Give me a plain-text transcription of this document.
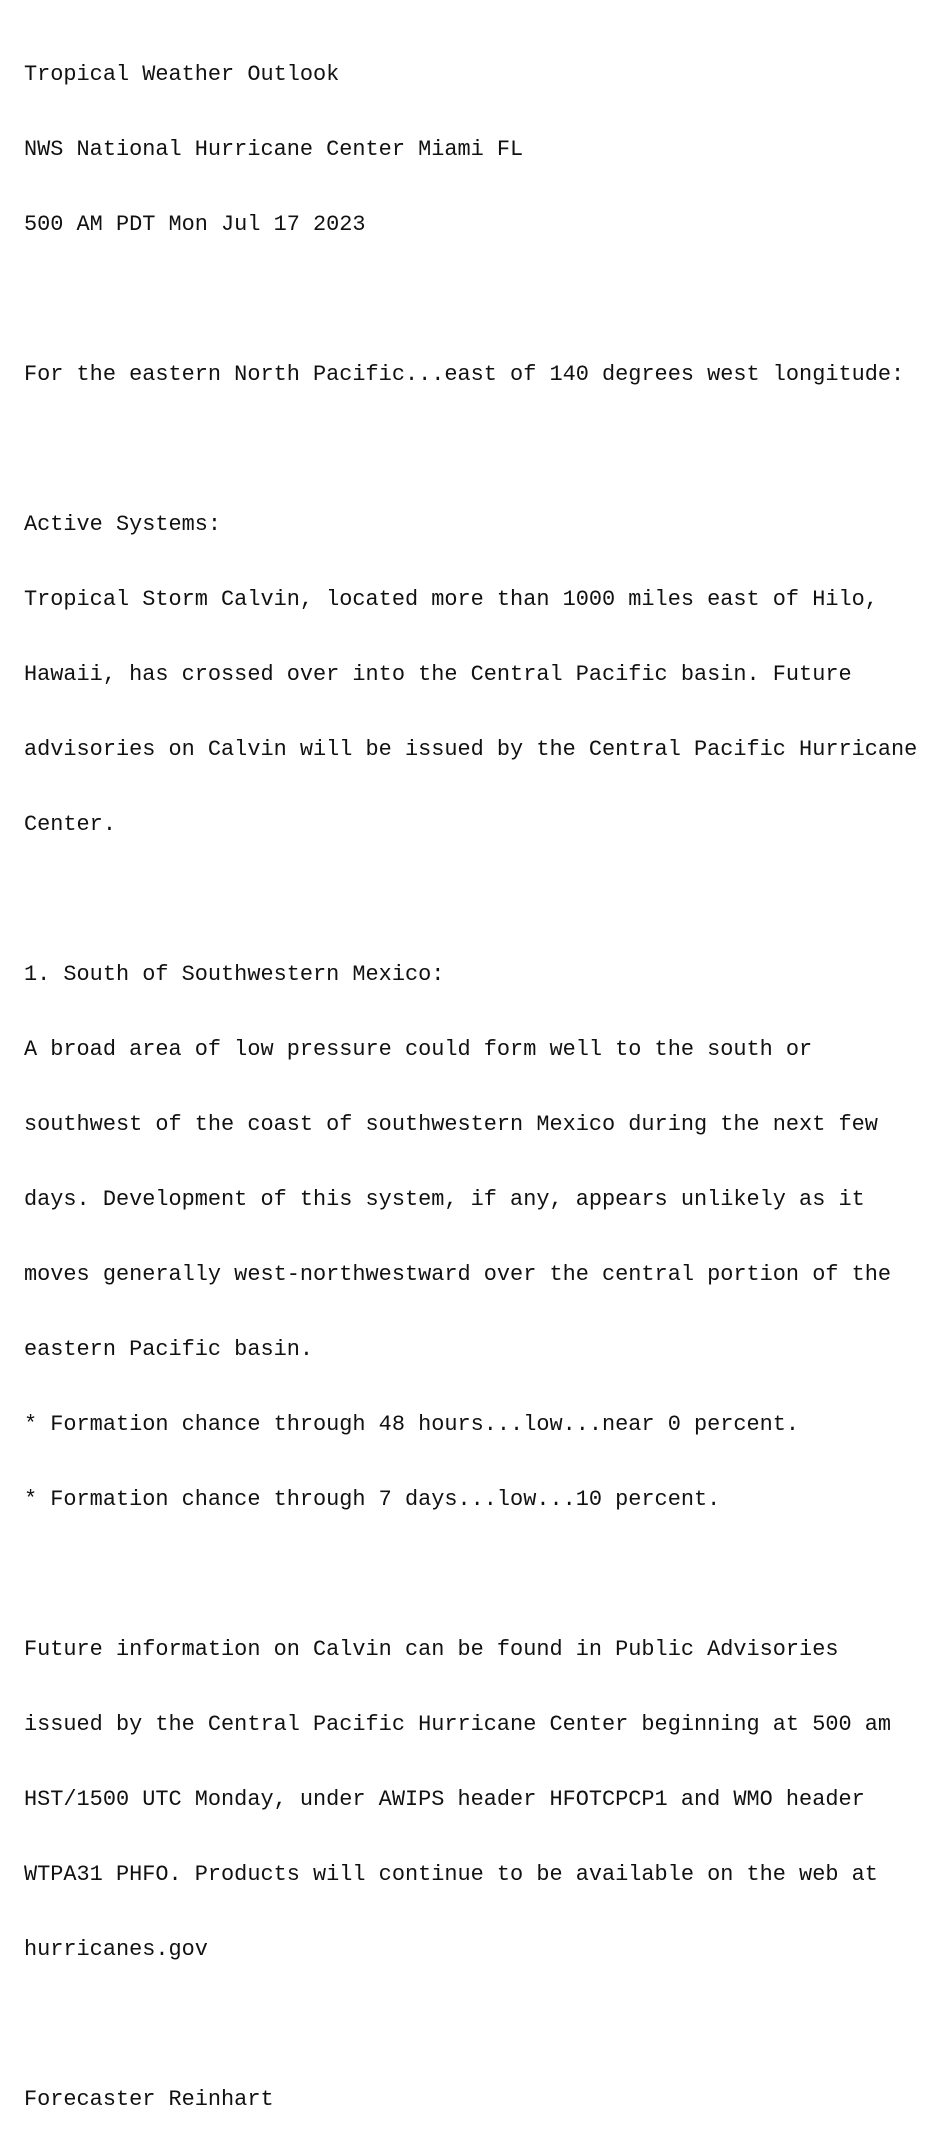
Tropical Weather Outlook

NWS National Hurricane Center Miami FL

500 AM PDT Mon Jul 17 2023

For the eastern North Pacific...east of 140 degrees west longitude:

Active Systems:

Tropical Storm Calvin, located more than 1000 miles east of Hilo,

Hawaii, has crossed over into the Central Pacific basin. Future

advisories on Calvin will be issued by the Central Pacific Hurricane

Center.

1. South of Southwestern Mexico:

A broad area of low pressure could form well to the south or

southwest of the coast of southwestern Mexico during the next few

days. Development of this system, if any, appears unlikely as it

moves generally west-northwestward over the central portion of the

eastern Pacific basin.

* Formation chance through 48 hours...low...near 0 percent.

* Formation chance through 7 days...low...10 percent.

Future information on Calvin can be found in Public Advisories

issued by the Central Pacific Hurricane Center beginning at 500 am

HST/1500 UTC Monday, under AWIPS header HFOTCPCP1 and WMO header

WTPA31 PHFO. Products will continue to be available on the web at

hurricanes.gov

Forecaster Reinhart
